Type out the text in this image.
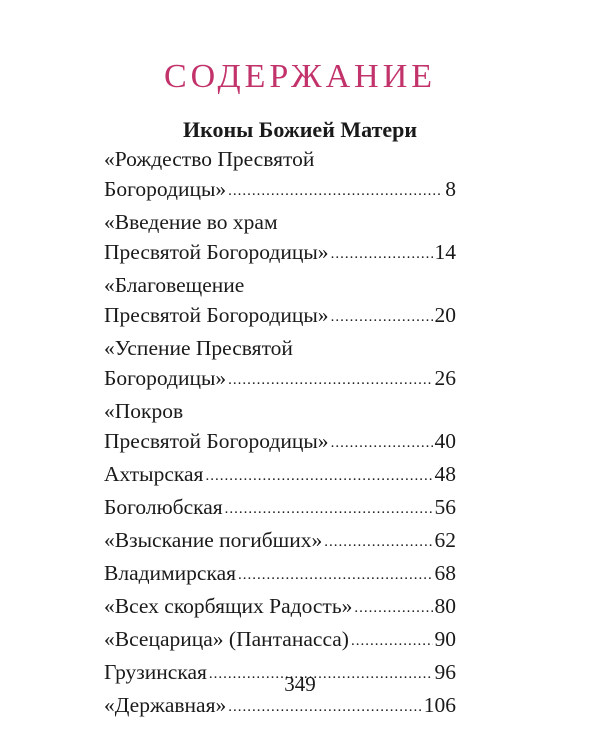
СОДЕРЖАНИЕ
Иконы Божией Матери
«Рождество Пресвятой
Богородицы» .....	8
«Введение во храм
Пресвятой Богородицы» .....	14
«Благовещение
Пресвятой Богородицы» .....	20
«Успение Пресвятой
Богородицы» .....	26
«Покров
Пресвятой Богородицы» .....	40
Ахтырская .....	48
Боголюбская .....	56
«Взыскание погибших» .....	62
Владимирская .....	68
«Всех скорбящих Радость» .....	80
«Всецарица» (Пантанасса) .....	90
Грузинская .....	96
«Державная» .....	106
349
